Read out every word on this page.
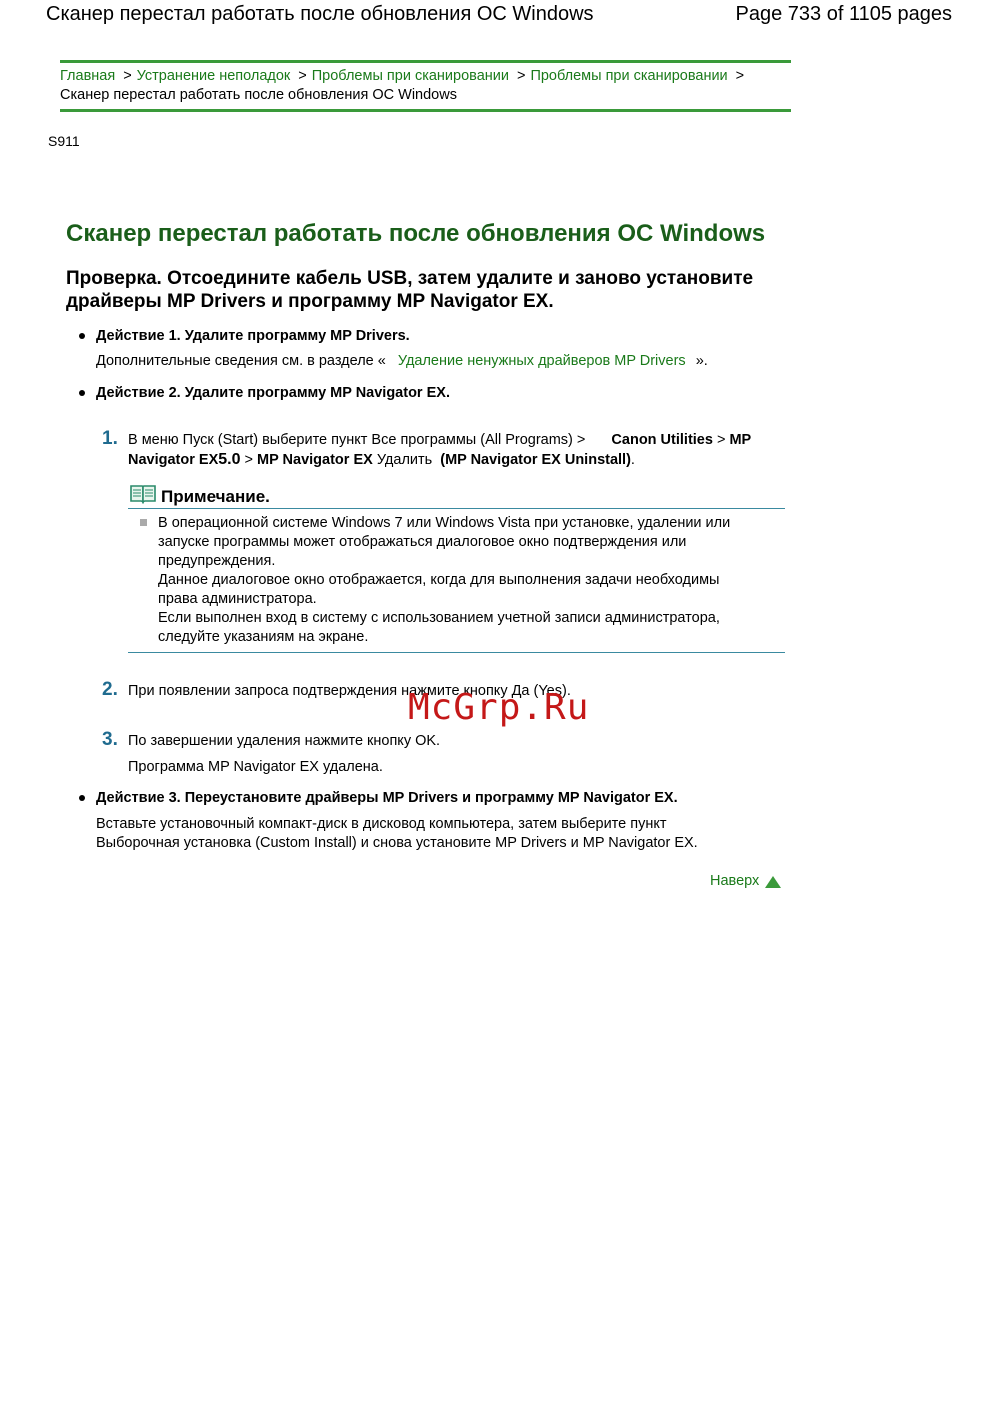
Сканер перестал работать после обновления ОС Windows	Page 733 of 1105 pages
Главная > Устранение неполадок > Проблемы при сканировании > Проблемы при сканировании >
Сканер перестал работать после обновления ОС Windows
S911
Сканер перестал работать после обновления ОС Windows
Проверка. Отсоедините кабель USB, затем удалите и заново установите драйверы MP Drivers и программу MP Navigator EX.
Действие 1. Удалите программу MP Drivers.
Дополнительные сведения см. в разделе « Удаление ненужных драйверов MP Drivers ».
Действие 2. Удалите программу MP Navigator EX.
1. В меню Пуск (Start) выберите пункт Все программы (All Programs) > Canon Utilities > MP
Navigator EX5.0 > MP Navigator EX Удалить (MP Navigator EX Uninstall).
Примечание.
В операционной системе Windows 7 или Windows Vista при установке, удалении или
запуске программы может отображаться диалоговое окно подтверждения или
предупреждения.
Данное диалоговое окно отображается, когда для выполнения задачи необходимы
права администратора.
Если выполнен вход в систему с использованием учетной записи администратора,
следуйте указаниям на экране.
2. При появлении запроса подтверждения нажмите кнопку Да (Yes).
McGrp.Ru
3. По завершении удаления нажмите кнопку OK.
Программа MP Navigator EX удалена.
Действие 3. Переустановите драйверы MP Drivers и программу MP Navigator EX.
Вставьте установочный компакт-диск в дисковод компьютера, затем выберите пункт
Выборочная установка (Custom Install) и снова установите MP Drivers и MP Navigator EX.
Наверх
